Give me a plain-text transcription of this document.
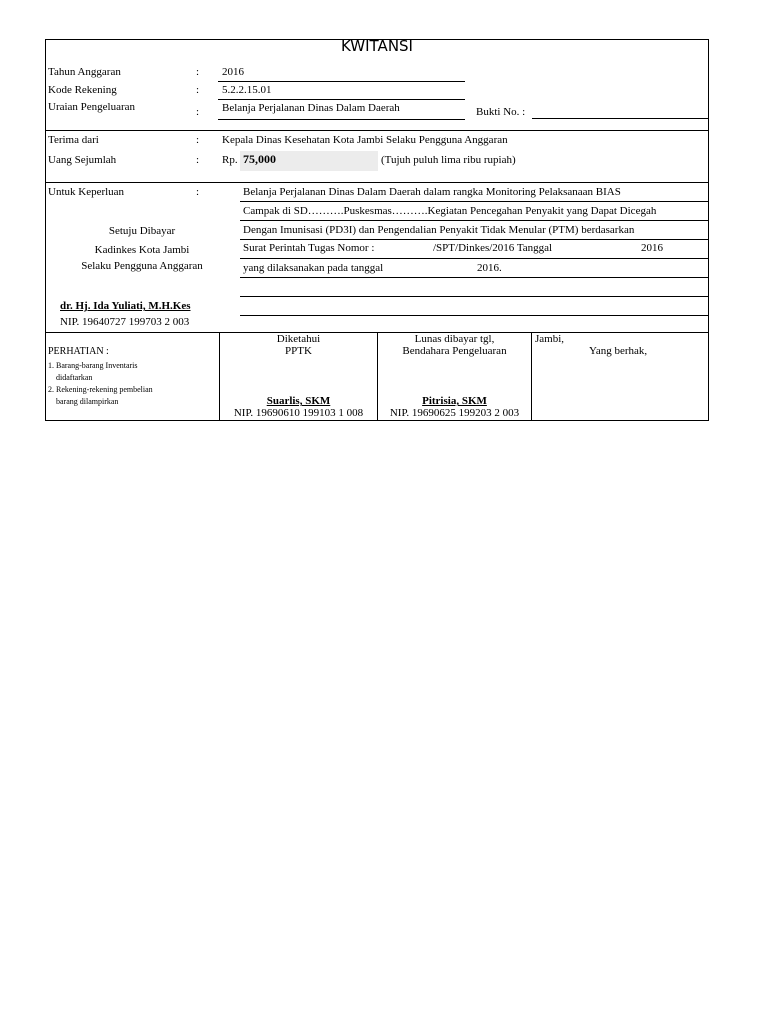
KWITANSI
Tahun Anggaran	: 2016
Kode Rekening	: 5.2.2.15.01
Uraian Pengeluaran	: Belanja Perjalanan Dinas Dalam Daerah	Bukti No. :
Terima dari	: Kepala Dinas Kesehatan Kota Jambi Selaku Pengguna Anggaran
Uang Sejumlah	: Rp. 75,000	(Tujuh puluh lima ribu rupiah)
Untuk Keperluan	:	Belanja Perjalanan Dinas Dalam Daerah dalam rangka Monitoring Pelaksanaan BIAS
Campak di SD……….Puskesmas……….Kegiatan Pencegahan Penyakit yang Dapat Dicegah
Dengan Imunisasi (PD3I) dan Pengendalian Penyakit Tidak Menular (PTM) berdasarkan
Surat Perintah Tugas Nomor :	/SPT/Dinkes/2016 Tanggal	2016
yang dilaksanakan pada tanggal	2016.
Setuju Dibayar
Kadinkes Kota Jambi
Selaku Pengguna Anggaran
dr. Hj. Ida Yuliati, M.H.Kes
NIP. 19640727 199703 2 003
PERHATIAN :
1. Barang-barang Inventaris
didaftarkan
2. Rekening-rekening pembelian
barang dilampirkan
Diketahui
PPTK
Suarlis, SKM
NIP. 19690610 199103 1 008
Lunas dibayar tgl,
Bendahara Pengeluaran
Pitrisia, SKM
NIP. 19690625 199203 2 003
Jambi,
Yang berhak,
